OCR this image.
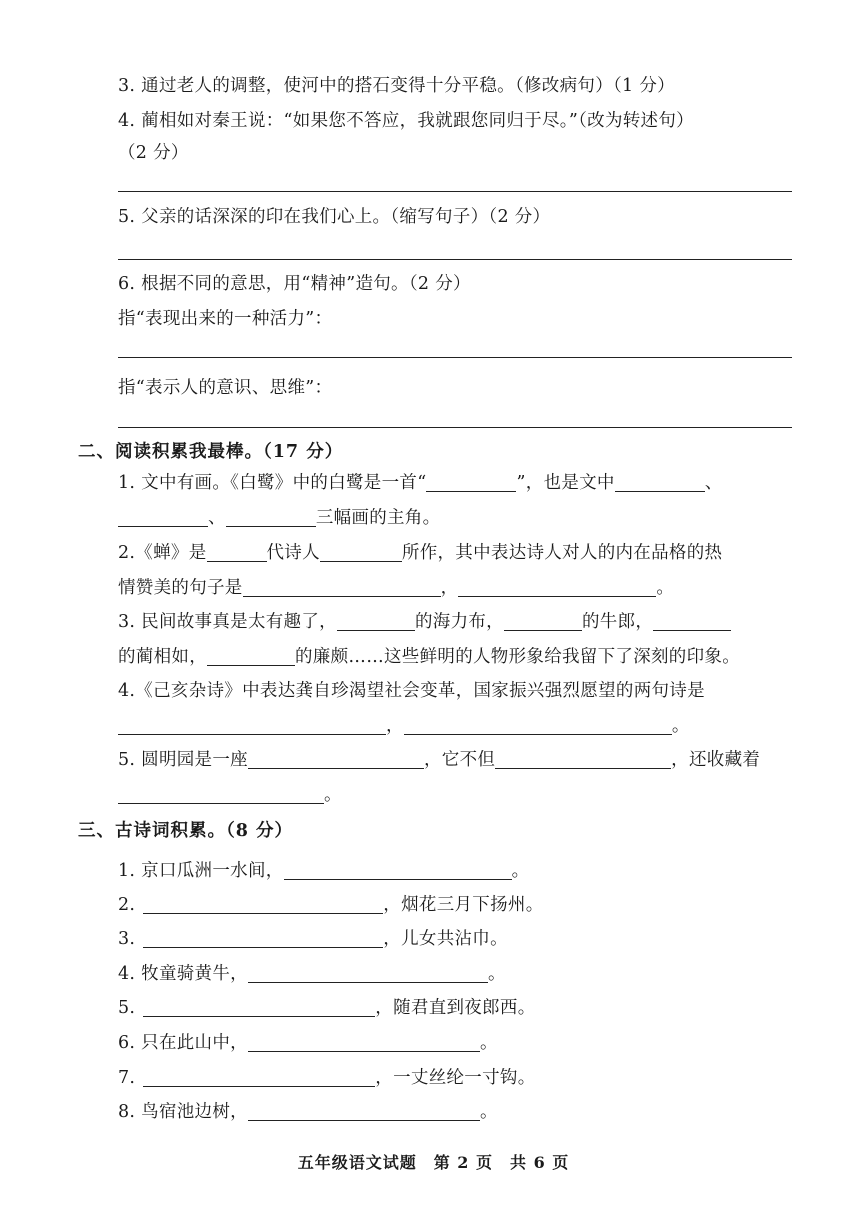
3. 通过老人的调整，使河中的搭石变得十分平稳。（修改病句）（1 分）
4. 蔺相如对秦王说：“如果您不答应，我就跟您同归于尽。”（改为转述句）
（2 分）
5. 父亲的话深深的印在我们心上。（缩写句子）（2 分）
6. 根据不同的意思，用“精神”造句。（2 分）
指“表现出来的一种活力”：
指“表示人的意识、思维”：
二、阅读积累我最棒。（17 分）
1. 文中有画。《白鹭》中的白鹭是一首“	”，也是文中	、
、	三幅画的主角。
2.《蝉》是	代诗人	所作，其中表达诗人对人的内在品格的热
情赞美的句子是	，	。
3. 民间故事真是太有趣了，	的海力布，	的牛郎，
的蔺相如，	的廉颇……这些鲜明的人物形象给我留下了深刻的印象。
4.《己亥杂诗》中表达龚自珍渴望社会变革，国家振兴强烈愿望的两句诗是
，	。
5. 圆明园是一座	，它不但	，还收藏着
。
三、古诗词积累。（8 分）
1. 京口瓜洲一水间，	。
2.	，烟花三月下扬州。
3.	，儿女共沾巾。
4. 牧童骑黄牛，	。
5.	，随君直到夜郎西。
6. 只在此山中，	。
7.	，一丈丝纶一寸钩。
8. 鸟宿池边树，	。
五年级语文试题　第 2 页　共 6 页
